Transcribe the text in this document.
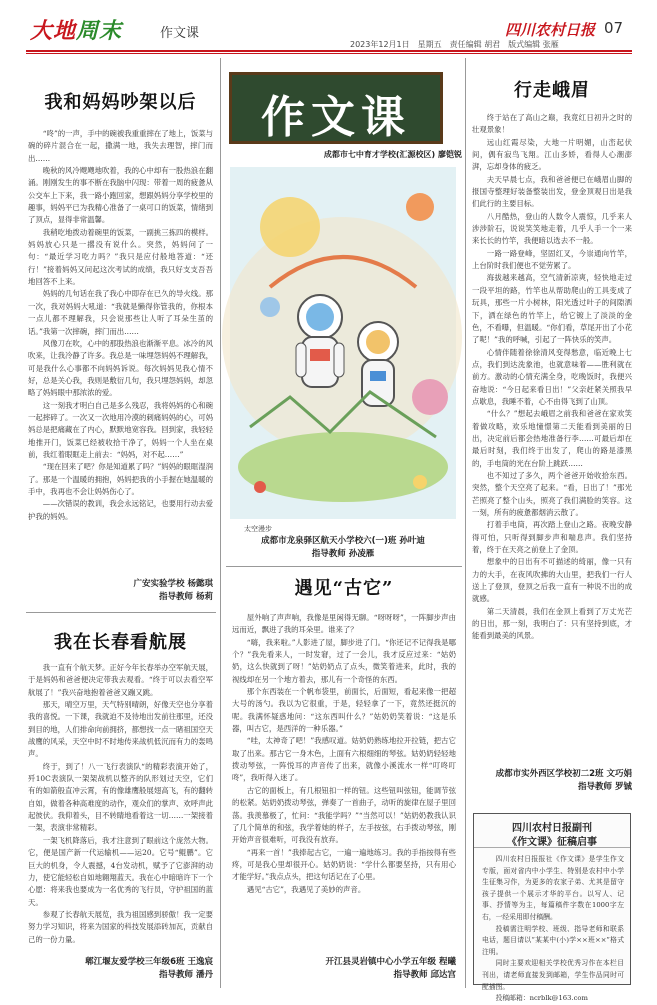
大地周末	作文课	四川农村日报 07
2023年12月1日　星期五　责任编辑 胡君　版式编辑 张雁
我和妈妈吵架以后

“咚”的一声，手中的碗被我重重摔在了地上，饭菜与碗的碎片混合在一起，撒满一地，我失去理智，摔门而出……

晚秋的风冷飕飕地吹着，我的心中却有一股热浪在翻涌。刚刚发生的事不断在我脑中闪现：带着一周的疲惫从公交车上下来，我一路小跑回家，想跟妈妈分享学校里的趣事，妈妈平已为我精心准备了一桌可口的饭菜，情绪到了顶点，显得非常温馨。

我稍吃地拨动着碗里的饭菜，一副挑三拣四的模样。妈妈放心只是一撂没有说什么。突然，妈妈问了一句：“最近学习吃力吗？”我只是应付般地答道：“还行！”接着妈妈又问起这次考试的成绩，我只好支支吾吾地回答不上来。

妈妈的几句话在我了我心中即存在已久的导火线。那一次，我对妈妈大吼道：“我就是懒得你管我的，你根本一点儿都不理解我，只会说那些让人听了耳朵生茧的话。”我第一次摔碗，摔门而出……

风像刀在吹，心中的那股热浪也渐渐平息。冰冷的风吹来，让我冷静了许多。我总是一味埋怨妈妈不理解我，可是我什么心事都不向妈妈诉说。每次妈妈见我心情不好，总是关心我，我则是敷衍几句，我只埋怨妈妈，却忽略了妈妈眼中那浓浓的爱。

这一刻我才明白自己是多么残忍，我将妈妈的心和碗一起摔碎了。一次又一次地用冷漠的刺痛妈妈的心，可妈妈总是把痛藏在了内心，默默地宽容我。回到家，我轻轻地推开门，饭菜已经被收拾干净了，妈妈一个人坐在桌前，我红着眼眶走上前去：“妈妈，对不起……”

“现在回来了吧？你是知道累了吗？”妈妈的眼眶湿润了。那是一个温暖的拥抱，妈妈把我的小手握在她温暖的手中，我再也不会让妈妈伤心了。

——次错误的教训，我会永远铭记，也要用行动去爱护我的妈妈。

广安实验学校 杨懿琪
指导教师 杨莉
我在长春看航展

我一直有个航天梦。正好今年长春举办空军航天展，于是妈妈和爸爸便决定带我去观看。“终于可以去看空军航展了！”我兴奋地抱着爸爸又蹦又跳。

那天，晴空万里，天气特别晴朗，好像天空也分享着我的喜悦。一下课，我就迫不及待地出发前往那里，还没到目的地，人们排命向前拥挤，都想找一点一睹祖国空天战鹰的风采，天空中时不时地传来战机低沉而有力的轰鸣声。

终于，到了！八一飞行表演队“的精彩表演开始了，歼10C表演队一架架战机以整齐的队形划过天空，它们有的如箭般直冲云霄，有的像雄鹰般展翅高飞，有的翻转自如，做着各种高难度的动作，观众们的掌声、欢呼声此起彼伏。我仰着头，目不转睛地看着这一切……一架接着一架，表演非常精彩。

一架飞机降落后，我才注意到了眼前这个庞然大物。它，便是国产新一代运输机——运20。它号“鲲鹏”。它巨大的机身，令人震撼，4台发动机，赋予了它澎湃的动力，使它能轻松自如地翱翔蓝天。我在心中暗暗许下一个心愿：将来我也要成为一名优秀的飞行员，守护祖国的蓝天。

参观了长春航天展览，我为祖国感到骄傲！我一定要努力学习知识，将来为国家的科技发展添砖加瓦，贡献自己的一份力量。

郫江堰友爱学校三年级6班 王逸宸
指导教师 潘丹
作文课
成都市七中育才学校(汇源校区) 廖铠锐
太空漫步
成都市龙泉驿区航天小学校六(一)班 孙叶迪
指导教师 孙凌雁
遇见“古它”

屋外响了声声响，我像是里闲得无聊。“呀呀呀”，一阵脚步声由远而近，飘进了我的耳朵里。谁来了？

“嗨，我来啦。”人影进了屋，脚步进了门。“你还记不记得我是哪个？”我先看来人，一时发窘，过了一会儿，我才反应过来：“姑奶奶，这么快就到了呀！”姑奶奶点了点头，微笑着进来，此时，我的视线却在另一个地方着去，那儿有一个奇怪的东西。

那个东西装在一个帆布袋里，前面长，后面短，看起来像一把超大号的汤勺。我以为它很重，于是，轻轻拿了一下，竟然还挺沉的呢。我满怀疑惑地问：“这东西叫什么？”姑奶奶笑着说：“这是乐器，叫古它，是西洋的一种乐器。”

“哇，太神奇了吧！”我感叹道。姑奶奶熟练地拉开拉链，把古它取了出来。那古它一身木色，上面有六根细细的琴弦。姑奶奶轻轻地拨动琴弦，一阵悦耳的声音传了出来，就像小溪流水一样“叮咚叮咚”，我听得入迷了。

古它的面板上，有几根钮扣一样的钮。这些钮叫弦钮，能调节弦的松紧。姑奶奶拨动琴弦，弹奏了一首曲子，动听的旋律在屋子里回荡。我羡慕极了，忙问：“我能学吗？”“当然可以！”姑奶奶教我认识了几个简单的和弦，我学着她的样子，左手按弦，右手拨动琴弦，刚开始声音很难听，可我没有放弃。

“再来一首！”我捧起古它，一遍一遍地练习。我的手指按得有些疼，可是我心里却很开心。姑奶奶说：“学什么都要坚持，只有用心才能学好。”我点点头，把这句话记在了心里。

遇见“古它”，我遇见了美妙的声音。

开江县灵岩镇中心小学五年级 程曦
指导教师 邱达宫
行走峨眉

终于站在了高山之巅，我竟红日初升之时的壮观景象！

远山红霞尽染，大地一片明媚，山峦起伏间，偶有寂鸟飞翔。江山多娇，看得人心潮澎湃，忘却身体的疲乏。

夫天早晨七点，我和爸爸便已在峨眉山脚的报国寺整理好装备整装出发，登金顶观日出是我们此行的主要目标。

八月酷热，登山的人数令人震惊，几乎来人涉涉阶石，说说笑笑地走着，几乎人手一个一来来长长的竹竿，我便暗以选去不一般。

一路一路登峰，坚固红叉，今崇通向竹竿，上台阶时我们便也不觉劳累了。

海拔越来越高，空气清新凉爽，轻快地走过一段平坦的路，竹竿也从帮助爬山的工具变成了玩具，那些一片小树林，阳光透过叶子的间隙洒下，洒在绿色的竹竿上，给它镀上了淡淡的金色，不看曝，但温暖。“你们看，草尾开出了小花了呢！”我的呼喊，引起了一阵快乐的笑声。

心情伴随着徐徐清风变得愁意，临近晚上七点，我们到达洗象池，也就意味着——胜利就在前方。激动的心情充满全身，吃晚饭时，我便兴奋地说：“今日起来看日出！”父亲赶紧关照我早点歇息，我睡不着，心不由得飞到了山顶。

“什么？”想起去峨眉之前我和爸爸在家欢笑着做攻略，欢乐地憧憬第二天能看到美丽的日出，决定前后都会热地准备行李……可最后却在最后时刻，我们终于出发了，爬山的路是漆黑的，手电筒的光在台阶上跳跃……

也不知过了多久，两个爸爸开始收拾东西。突然，整个天空亮了起来。“看，日出了！”那光芒照亮了整个山头，照亮了我们满脸的笑容。这一刻，所有的疲惫都烟消云散了。

打着手电筒，再次踏上登山之路。夜晚安静得可怕，只听得到脚步声和喘息声。我们坚持着，终于在天亮之前登上了金顶。

想象中的日出有不可描述的绮丽，像一只有力的大手，在夜风吹拂的大山里，把我们一行人送上了登顶，登顶之后我一直有一种说不出的成就感。

第二天清晨，我们在金顶上看到了万丈光芒的日出，那一刻，我明白了：只有坚持到底，才能看到最美的风景。

成都市实外西区学校初二2班 文巧娟
指导教师 罗铖
四川农村日报副刊
《作文课》征稿启事

四川农村日报报社《作文课》是学生作文专版，面对省内中小学生、特别是农村中小学生征集习作，为更多的农家子弟、尤其是留守孩子提供一个展示才华的平台。以写人、记事、抒情等为主，每篇稿件字数在1000字左右，一经采用即付稿酬。

投稿需注明学校、班级、指导老师和联系电话，题目请以“某某中(小)学××班××”格式注明。

同时主要欢迎相关学校优秀习作在本栏目刊出，请老师直接发到邮箱，学生作品同时可配插图。

投稿邮箱：ncrblk@163.com
